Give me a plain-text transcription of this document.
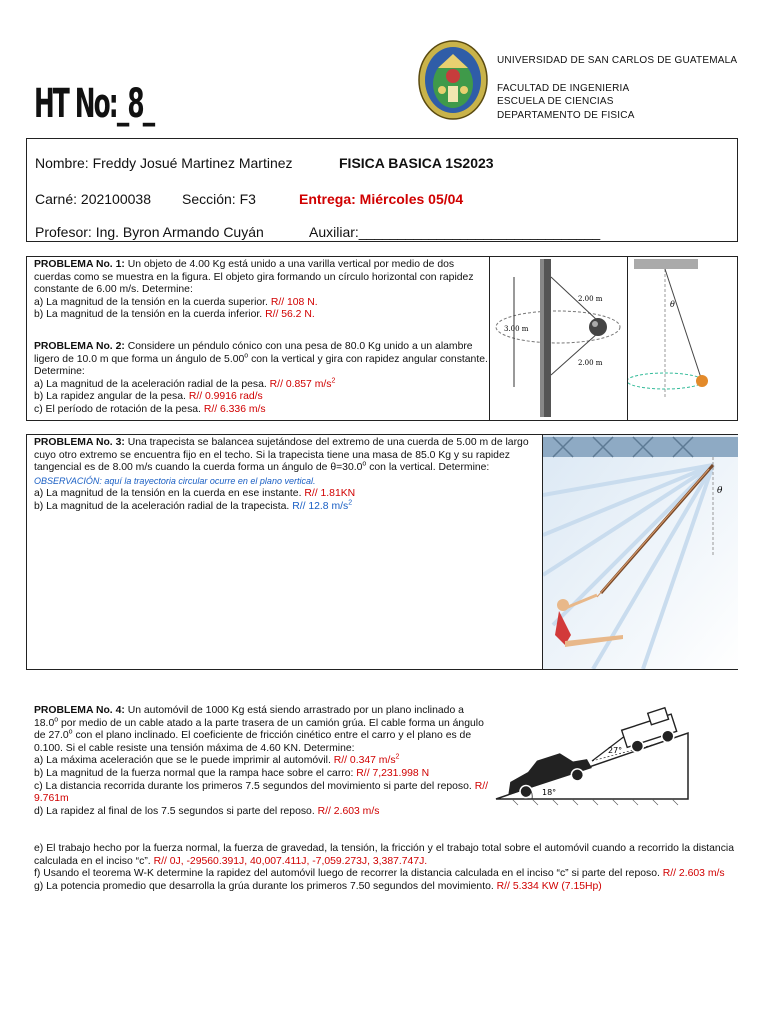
HT No:_8_
UNIVERSIDAD DE SAN CARLOS DE GUATEMALA
FACULTAD DE INGENIERIA
ESCUELA DE CIENCIAS
DEPARTAMENTO DE FISICA
Nombre: Freddy Josué Martinez Martinez	FISICA BASICA 1S2023
Carné: 202100038 Sección: F3	Entrega: Miércoles 05/04
Profesor: Ing. Byron Armando Cuyán	Auxiliar:_______________________________

PROBLEMA No. 1: Un objeto de 4.00 Kg está unido a una varilla vertical por medio de dos cuerdas como se muestra en la figura. El objeto gira formando un círculo horizontal con rapidez constante de 6.00 m/s. Determine:

a) La magnitud de la tensión en la cuerda superior. R// 108 N.

b) La magnitud de la tensión en la cuerda inferior. R// 56.2 N.

PROBLEMA No. 2: Considere un péndulo cónico con una pesa de 80.0 Kg unido a un alambre ligero de 10.0 m que forma un ángulo de 5.00$^o$ con la vertical y gira con rapidez angular constante. Determine:

a) La magnitud de la aceleración radial de la pesa. R// 0.857 $m/s^2$

b) La rapidez angular de la pesa. R// 0.9916 rad/s

c) El período de rotación de la pesa. R// 6.336 m/s

2.00 m
3.00 m
2.00 m
θ

PROBLEMA No. 3: Una trapecista se balancea sujetándose del extremo de una cuerda de 5.00 m de largo cuyo otro extremo se encuentra fijo en el techo. Si la trapecista tiene una masa de 85.0 Kg y su rapidez tangencial es de 8.00 m/s cuando la cuerda forma un ángulo de $\theta=30.0^o$ con la vertical. Determine: OBSERVACIÓN: aquí la trayectoria circular ocurre en el plano vertical.

a) La magnitud de la tensión en la cuerda en ese instante. R// 1.81KN

b) La magnitud de la aceleración radial de la trapecista. R// 12.8 $m/s^2$

θ

PROBLEMA No. 4: Un automóvil de 1000 Kg está siendo arrastrado por un plano inclinado a 18.0$^o$ por medio de un cable atado a la parte trasera de un camión grúa. El cable forma un ángulo de 27.0$^o$ con el plano inclinado. El coeficiente de fricción cinético entre el carro y el plano es de 0.100. Si el cable resiste una tensión máxima de 4.60 KN. Determine:

a) La máxima aceleración que se le puede imprimir al automóvil. R// 0.347 $m/s^2$

b) La magnitud de la fuerza normal que la rampa hace sobre el carro: R// 7,231.998 N

c) La distancia recorrida durante los primeros 7.5 segundos del movimiento si parte del reposo. R// 9.761m

d) La rapidez al final de los 7.5 segundos si parte del reposo. R// 2.603 m/s

e) El trabajo hecho por la fuerza normal, la fuerza de gravedad, la tensión, la fricción y el trabajo total sobre el automóvil cuando a recorrido la distancia calculada en el inciso “c”. R// 0J, -29560.391J, 40,007.411J, -7,059.273J, 3,387.747J.

f) Usando el teorema W-K determine la rapidez del automóvil luego de recorrer la distancia calculada en el inciso “c” si parte del reposo. R// 2.603 m/s

g) La potencia promedio que desarrolla la grúa durante los primeros 7.50 segundos del movimiento. R// 5.334 KW (7.15Hp)

27°
18°
